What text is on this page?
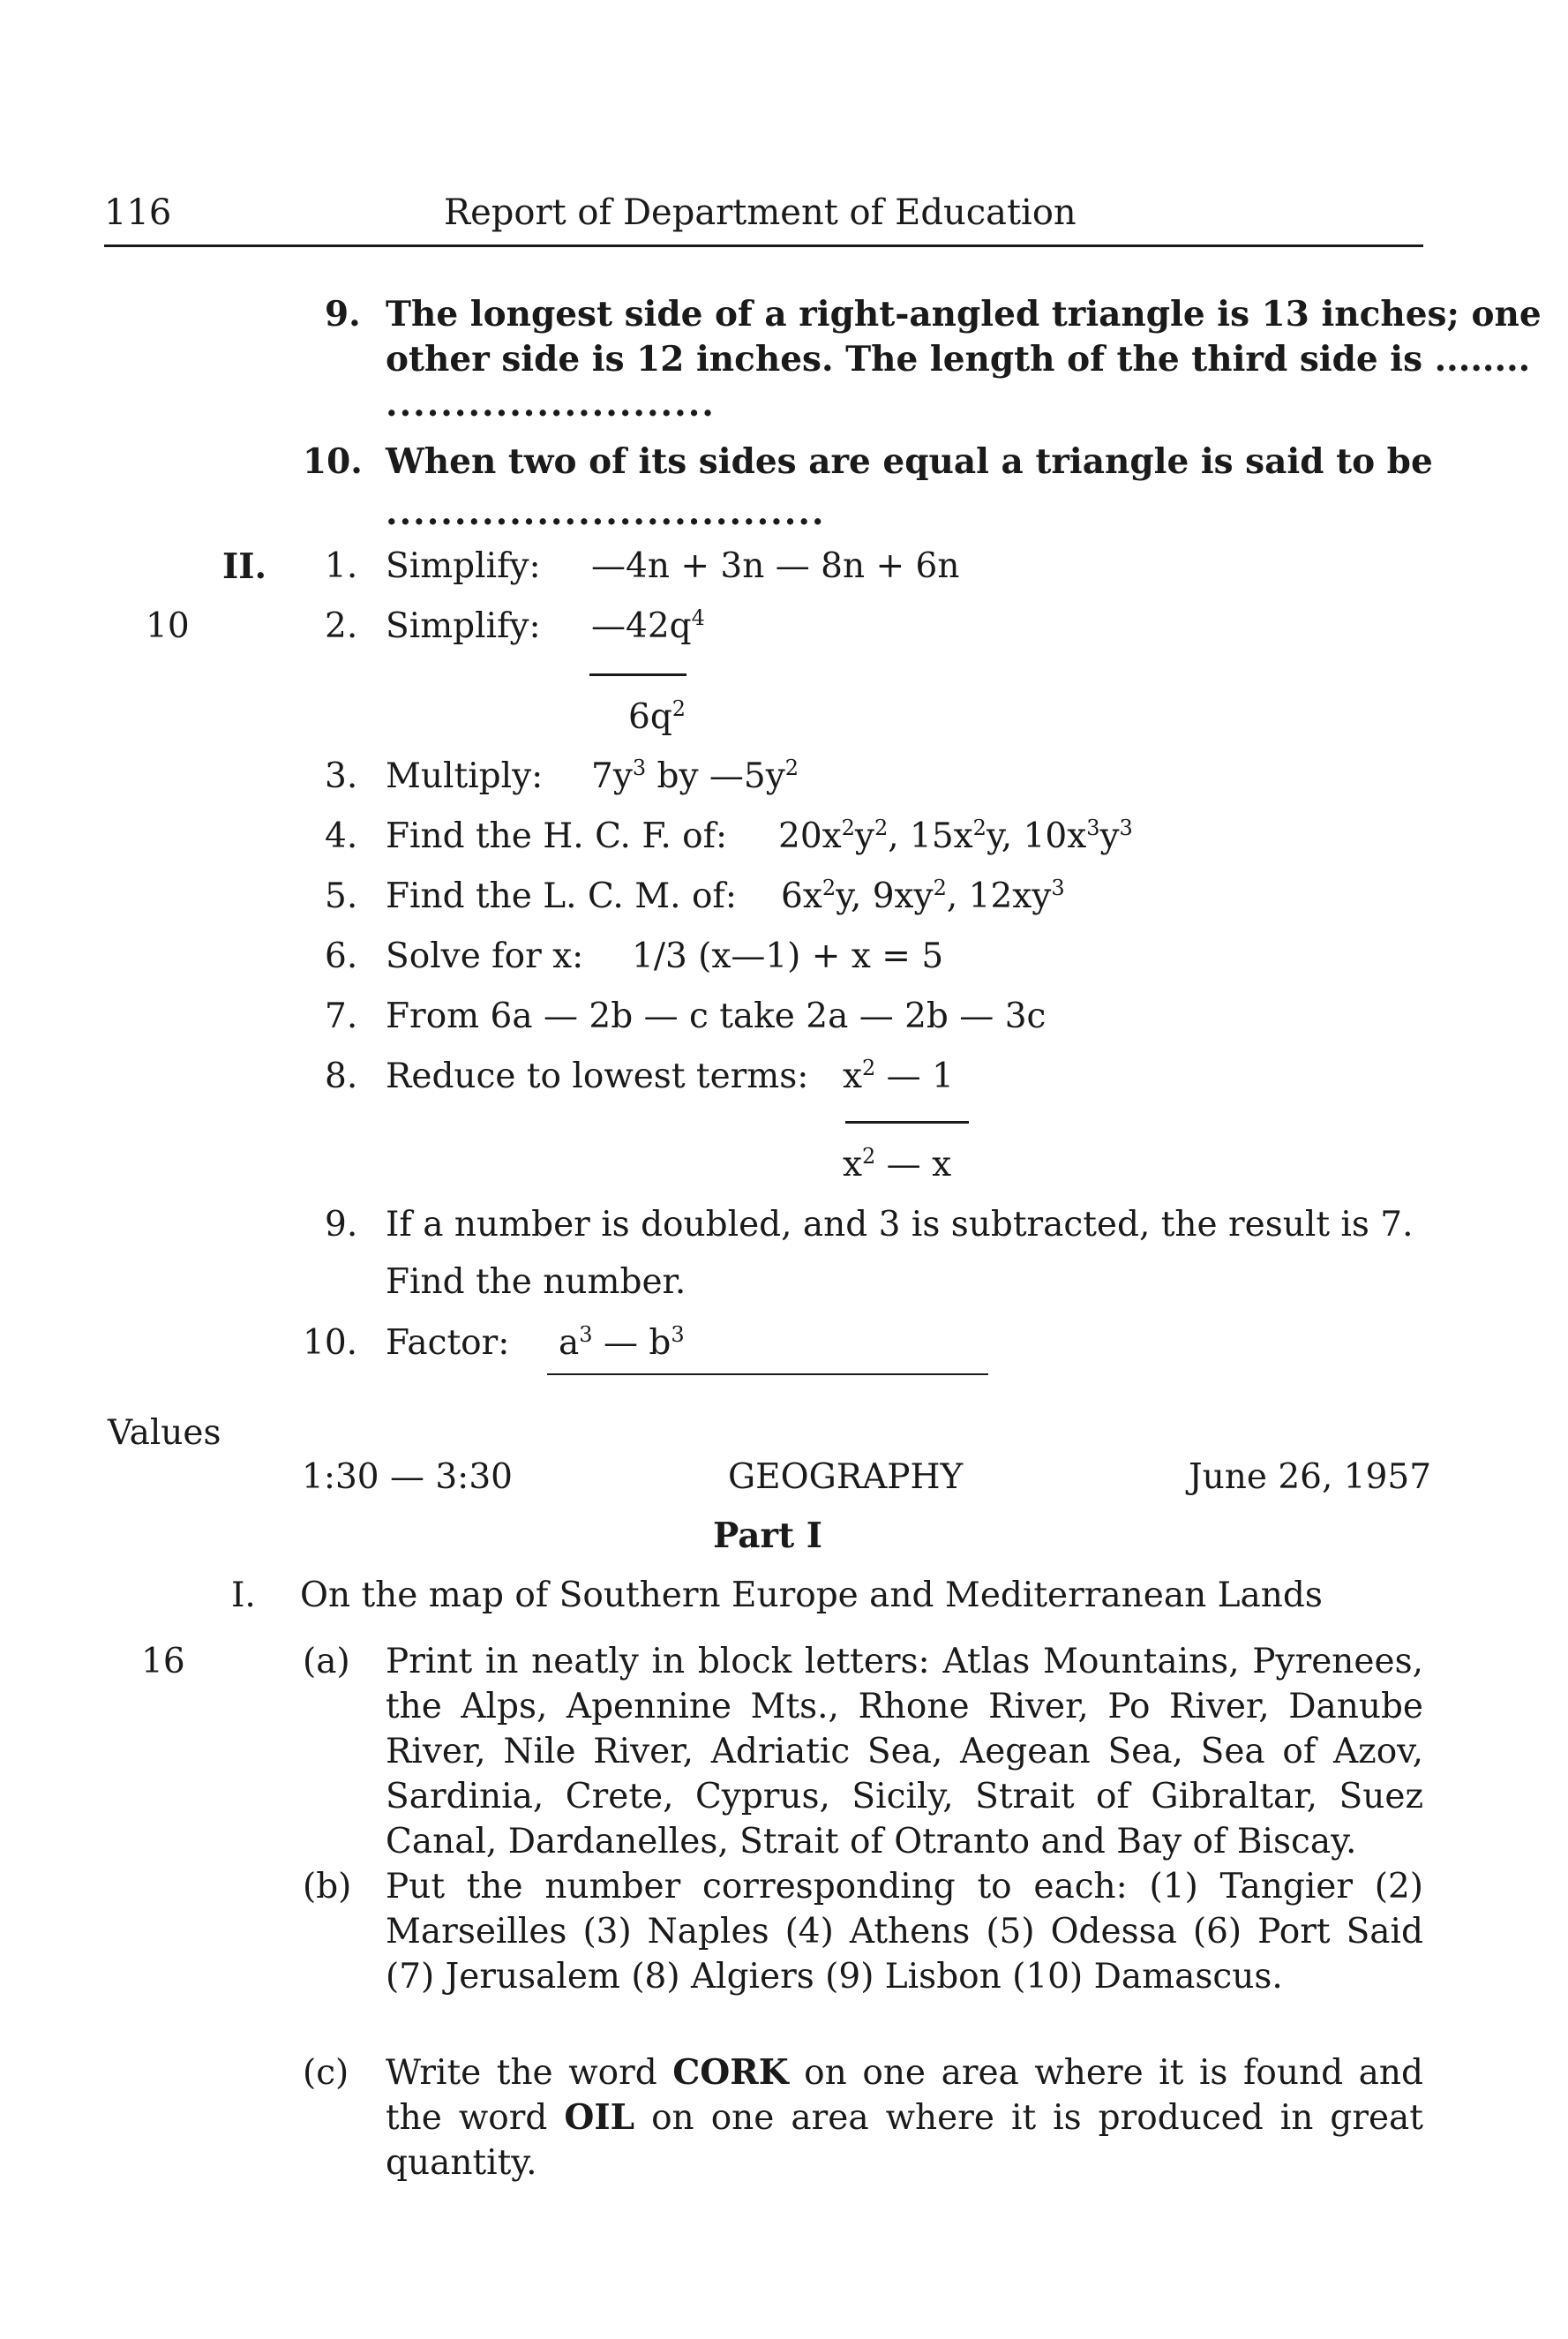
116	Report of Department of Education
9. The longest side of a right-angled triangle is 13 inches; one
other side is 12 inches. The length of the third side is ........
........................
10. When two of its sides are equal a triangle is said to be
................................
II.
10
1. Simplify: —4n + 3n — 8n + 6n
2. Simplify: $—42q^4$
$6q^2$
3. Multiply: $7y^3$ by $—5y^2$
4. Find the H. C. F. of: $20x^2y^2$, $15x^2y$, $10x^3y^3$
5. Find the L. C. M. of: $6x^2y$, $9xy^2$, $12xy^3$
6. Solve for x: 1/3 (x—1) + x = 5
7. From 6a — 2b — c take 2a — 2b — 3c
8. Reduce to lowest terms: $x^2$ — 1
$x^2$ — x
9. If a number is doubled, and 3 is subtracted, the result is 7.
Find the number.
10. Factor: $a^3$ — $b^3$
Values
1:30 — 3:30	GEOGRAPHY	June 26, 1957
Part I
I. On the map of Southern Europe and Mediterranean Lands
16	(a) Print in neatly in block letters: Atlas Mountains, Pyrenees, the Alps, Apennine Mts., Rhone River, Po River, Danube River, Nile River, Adriatic Sea, Aegean Sea, Sea of Azov, Sardinia, Crete, Cyprus, Sicily, Strait of Gibraltar, Suez Canal, Dardanelles, Strait of Otranto and Bay of Biscay.
(b) Put the number corresponding to each: (1) Tangier (2) Marseilles (3) Naples (4) Athens (5) Odessa (6) Port Said (7) Jerusalem (8) Algiers (9) Lisbon (10) Damascus.
(c) Write the word CORK on one area where it is found and the word OIL on one area where it is produced in great quantity.
